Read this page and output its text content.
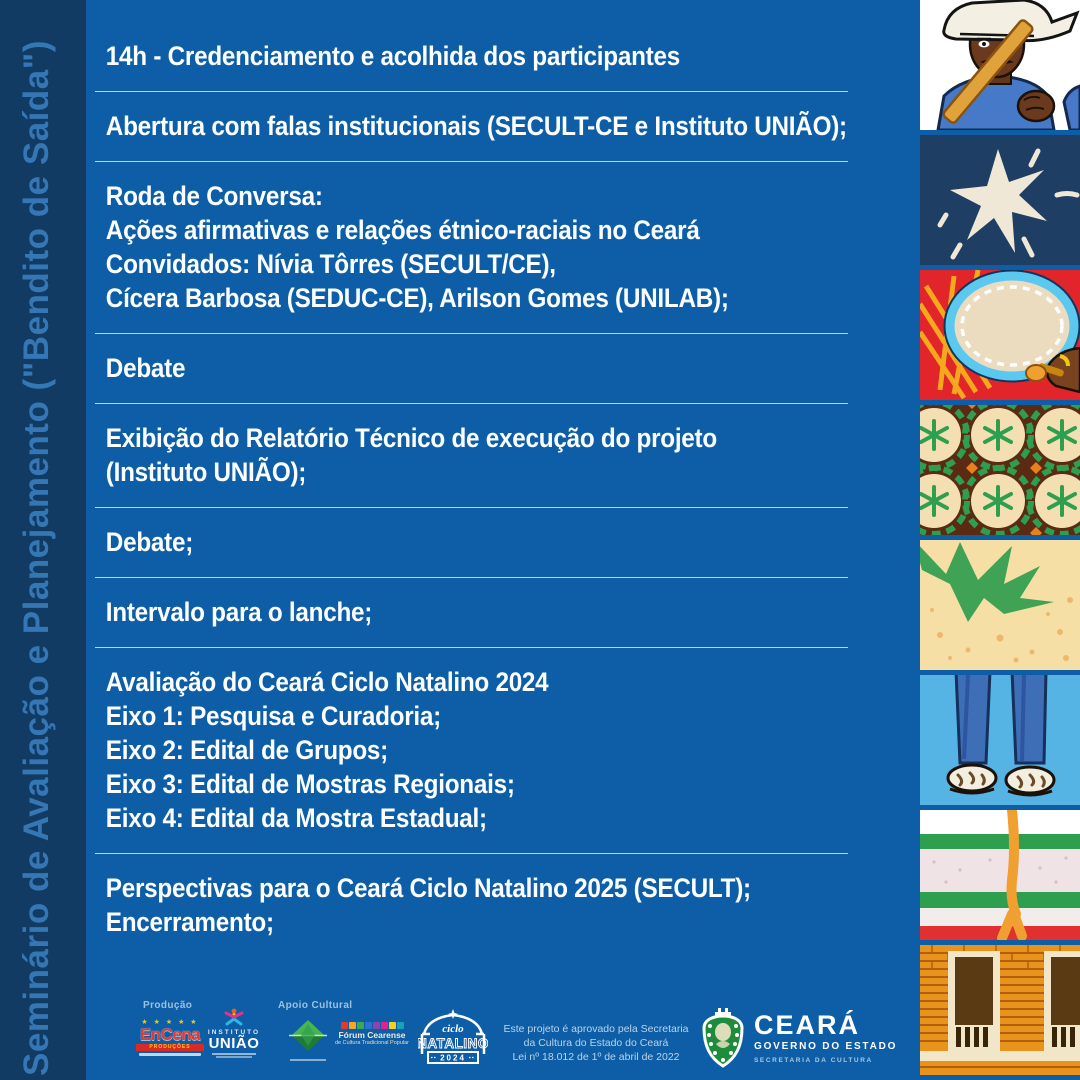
Seminário de Avaliação e Planejamento ("Bendito de Saída")	14h - Credenciamento e acolhida dos participantes
Abertura com falas institucionais (SECULT-CE e Instituto UNIÃO);
Roda de Conversa:
Ações afirmativas e relações étnico-raciais no Ceará
Convidados: Nívia Tôrres (SECULT/CE),
Cícera Barbosa (SEDUC-CE), Arilson Gomes (UNILAB);
Debate
Exibição do Relatório Técnico de execução do projeto
(Instituto UNIÃO);
Debate;
Intervalo para o lanche;
Avaliação do Ceará Ciclo Natalino 2024
Eixo 1: Pesquisa e Curadoria;
Eixo 2: Edital de Grupos;
Eixo 3: Edital de Mostras Regionais;
Eixo 4: Edital da Mostra Estadual;
Perspectivas para o Ceará Ciclo Natalino 2025 (SECULT);
Encerramento;
Produção
★ ★ ★ ★ ★
EnCena
PRODUÇÕES
INSTITUTO
UNIÃO
Apoio Cultural
Fórum Cearense
de Cultura Tradicional Popular
ciclo
NATALINO
2024
Este projeto é aprovado pela Secretaria
da Cultura do Estado do Ceará
Lei nº 18.012 de 1º de abril de 2022
CEARÁ
GOVERNO DO ESTADO
SECRETARIA DA CULTURA
